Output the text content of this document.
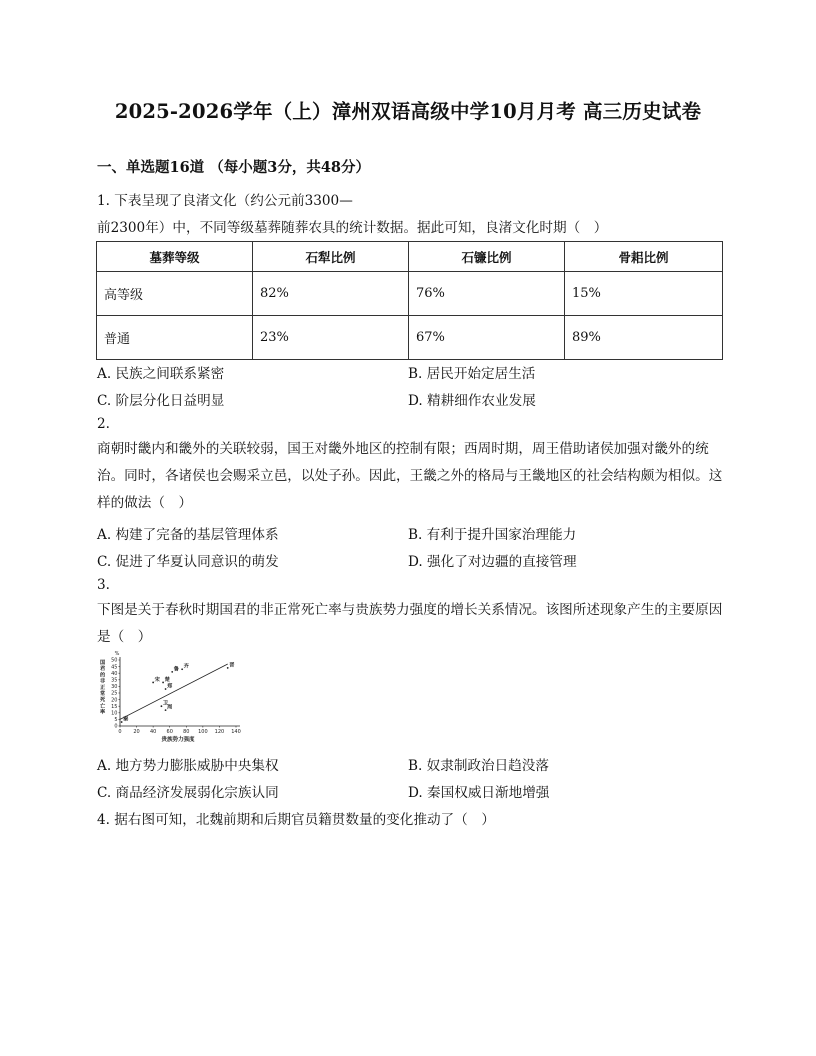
2025-2026学年（上）漳州双语高级中学10月月考 高三历史试卷
一、单选题16道 （每小题3分，共48分）
1. 下表呈现了良渚文化（约公元前3300—
前2300年）中，不同等级墓葬随葬农具的统计数据。据此可知，良渚文化时期（　）
墓葬等级	石犁比例	石镰比例	骨耜比例
高等级	82%	76%	15%
普通	23%	67%	89%
A. 民族之间联系紧密	B. 居民开始定居生活
C. 阶层分化日益明显	D. 精耕细作农业发展
2.
商朝时畿内和畿外的关联较弱，国王对畿外地区的控制有限；西周时期，周王借助诸侯加强对畿外的统治。同时，各诸侯也会赐采立邑，以处子孙。因此，王畿之外的格局与王畿地区的社会结构颇为相似。这样的做法（　）
A. 构建了完备的基层管理体系	B. 有利于提升国家治理能力
C. 促进了华夏认同意识的萌发	D. 强化了对边疆的直接管理
3.
下图是关于春秋时期国君的非正常死亡率与贵族势力强度的增长关系情况。该图所述现象产生的主要原因是（　）
0 20 40 60 80 100 120 140
0
5
10
15
20
25
30
35
40
45
50
%
国君的非正常死亡率
贵族势力强度
秦
宋 楚
郑
鲁 齐
卫
周
晋
A. 地方势力膨胀威胁中央集权	B. 奴隶制政治日趋没落
C. 商品经济发展弱化宗族认同	D. 秦国权威日渐地增强
4. 据右图可知，北魏前期和后期官员籍贯数量的变化推动了（　）
